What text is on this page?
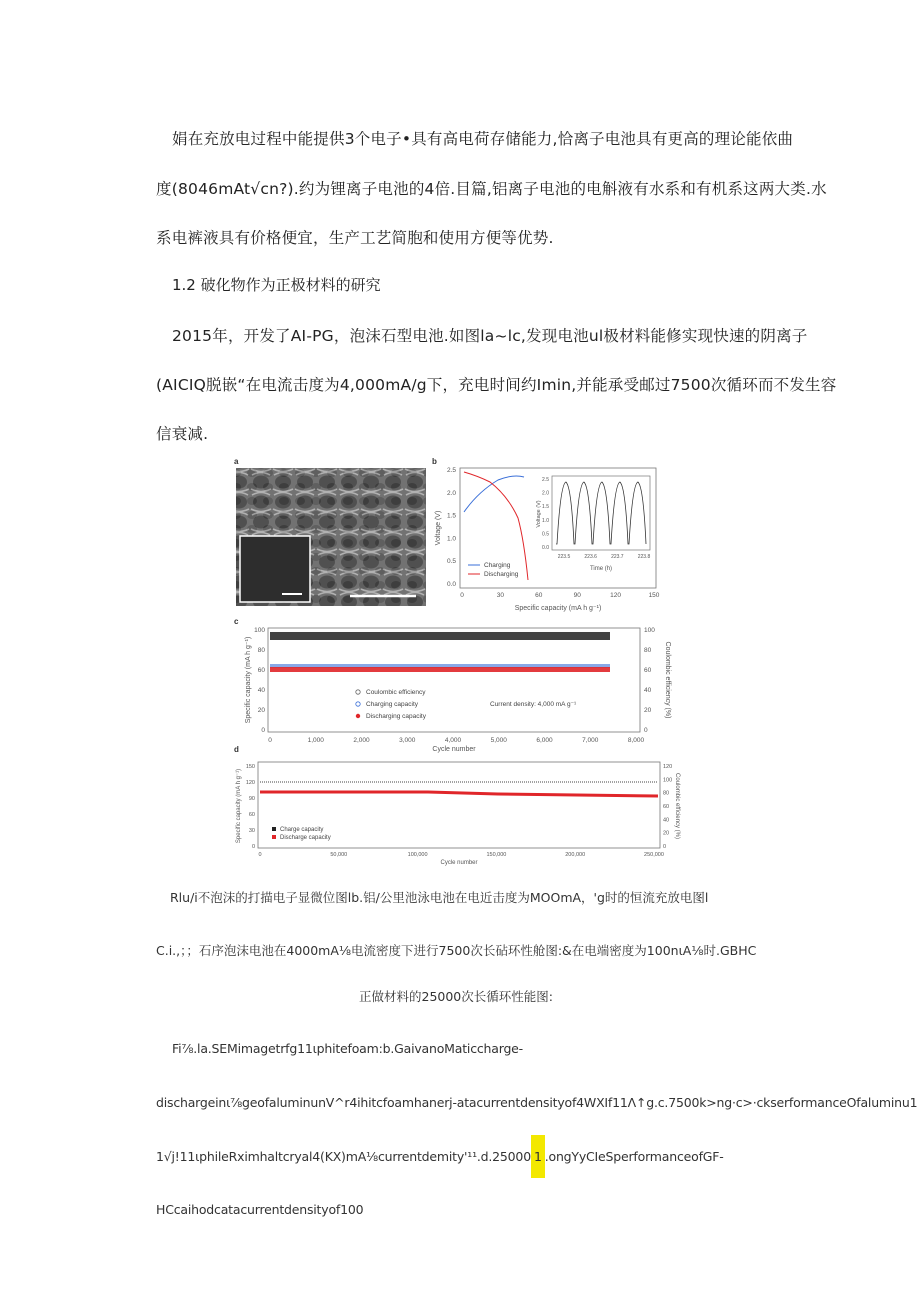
娟在充放电过程中能提供3个电子•具有高电荷存储能力,恰离子电池具有更高的理论能依曲
度(8046mAt√cn?).约为锂离子电池的4倍.目篇,铝离子电池的电斛液有水系和有机系这两大类.水
系电裤液具有价格便宜，生产工艺简胞和使用方便等优势.
1.2 破化物作为正极材料的研究
2015年，开发了AI-PG，泡沫石型电池.如图la~lc,发现电池ul极材料能修实现快速的阴离子
(AICIQ脱嵌“在电流击度为4,000mA/g下，充电时间约Imin,并能承受邮过7500次循环而不发生容
信衰减.
a	b
c
d
Voltage (V)
2.5
2.0
1.5
1.0
0.5
0.0
0	30	60	90	120	150
Specific capacity (mA h g⁻¹)
Charging
Discharging
Voltage (V)
2.5
2.0
1.5
1.0
0.5
0.0
223.5	223.6	223.7	223.8
Time (h)
Specific capacity (mA h g⁻¹)	Coulombic efficiency (%)
100
80
60
40
20
0
100
80
60
40
20
0
0	1,000	2,000	3,000	4,000	5,000	6,000	7,000	8,000
Cycle number
Coulombic efficiency
Charging capacity
Discharging capacity
Current density: 4,000 mA g⁻¹
Specific capacity (mA h g⁻¹)	Coulombic efficiency (%)
150
120
90
60
30
0
120
100
80
60
40
20
0
0	50,000	100,000	150,000	200,000	250,000
Cycle number
Charge capacity
Discharge capacity
Rlu/i不泡沫的打描电子显微位图lb.铝/公里池泳电池在电近击度为MOOmA，'g时的恒流充放电图l
C.i.,；；石序泡沫电池在4000mA⅛电流密度下进行7500次长砧环性舱图:&在电端密度为100nιA⅛时.GBHC
正做材料的25000次长循环性能图:
Fi⅞.la.SEMimagetrfg11ιphitefoam:b.GaivanoMaticcharge-
dischargeinι⅞geofaluminunV^r4ihitcfoamhanerj-atacurrentdensityof4WXIf11Λ↑g.c.7500k>ng·c>·ckserformanceOfaluminu1
1√j!11ιphileRximhaltcryal4(KX)mA⅛currentdemity'¹¹.d.25000 1 .ongYyCIeSperformanceofGF-
HCcaihodcatacurrentdensityof100
